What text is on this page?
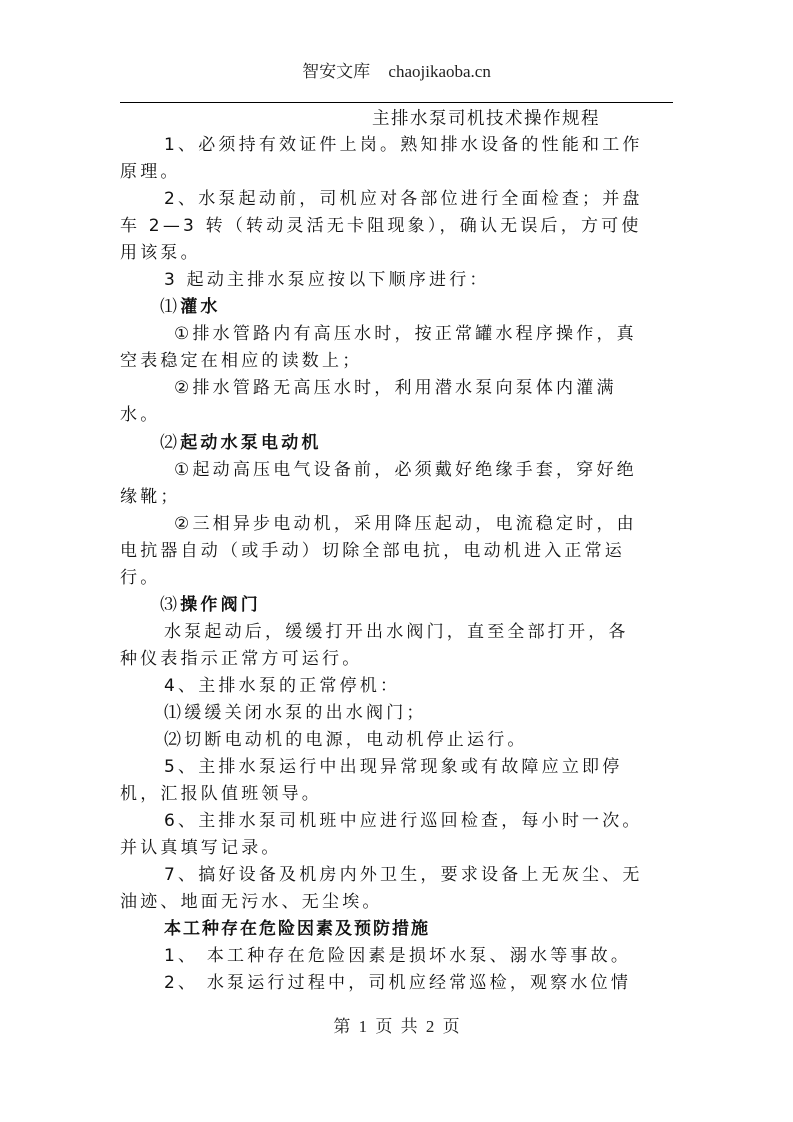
智安文库 chaojikaoba.cn
主排水泵司机技术操作规程
1、必须持有效证件上岗。熟知排水设备的性能和工作
原理。
2、水泵起动前，司机应对各部位进行全面检查；并盘
车 2—3 转（转动灵活无卡阻现象），确认无误后，方可使
用该泵。
3 起动主排水泵应按以下顺序进行：
⑴灌水
①排水管路内有高压水时，按正常罐水程序操作，真
空表稳定在相应的读数上；
②排水管路无高压水时，利用潜水泵向泵体内灌满
水。
⑵起动水泵电动机
①起动高压电气设备前，必须戴好绝缘手套，穿好绝
缘靴；
②三相异步电动机，采用降压起动，电流稳定时，由
电抗器自动（或手动）切除全部电抗，电动机进入正常运
行。
⑶操作阀门
水泵起动后，缓缓打开出水阀门，直至全部打开，各
种仪表指示正常方可运行。
4、主排水泵的正常停机：
⑴缓缓关闭水泵的出水阀门；
⑵切断电动机的电源，电动机停止运行。
5、主排水泵运行中出现异常现象或有故障应立即停
机，汇报队值班领导。
6、主排水泵司机班中应进行巡回检查，每小时一次。
并认真填写记录。
7、搞好设备及机房内外卫生，要求设备上无灰尘、无
油迹、地面无污水、无尘埃。
本工种存在危险因素及预防措施
1、 本工种存在危险因素是损坏水泵、溺水等事故。
2、 水泵运行过程中，司机应经常巡检，观察水位情
第 1 页 共 2 页
